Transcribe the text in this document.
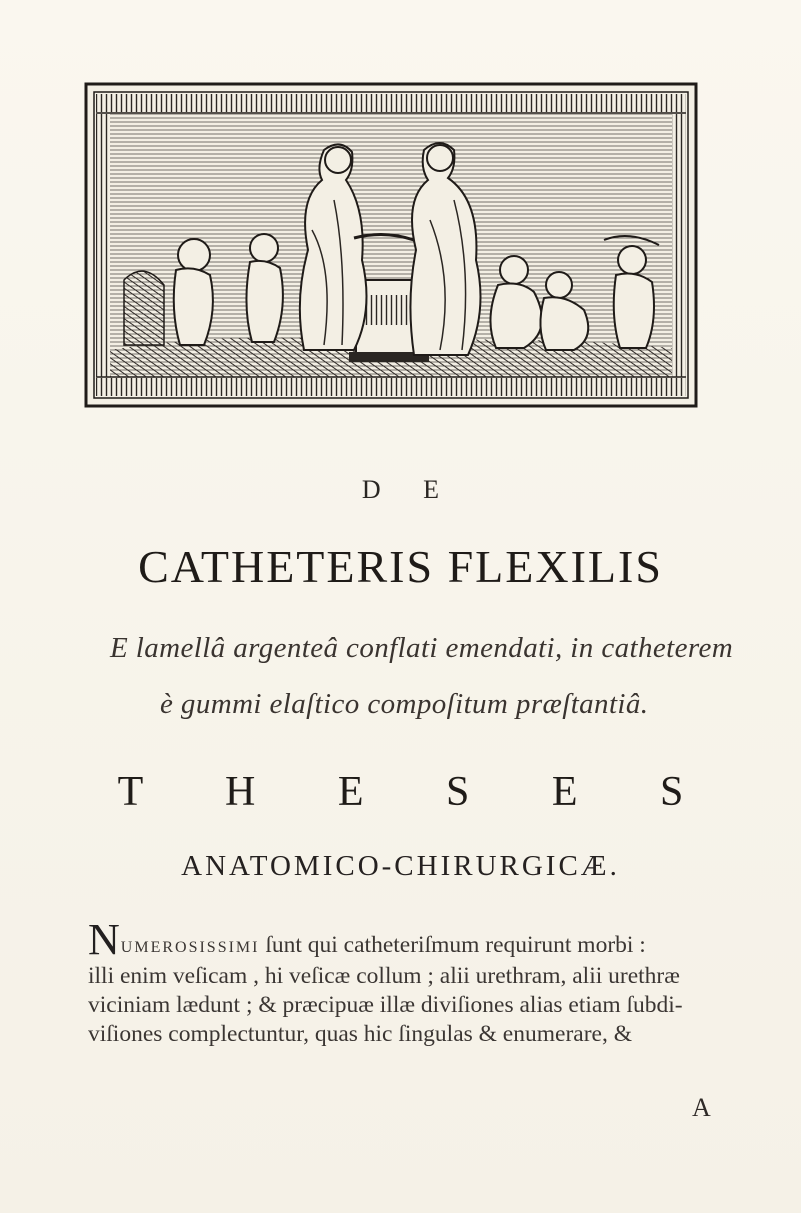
D E
CATHETERIS FLEXILIS
E lamellâ argenteâ conflati emendati, in catheterem
è gummi elaſtico compoſitum præſtantiâ.
T H E S E S
ANATOMICO-CHIRURGICÆ.
NUMEROSISSIMI ſunt qui catheteriſmum requirunt morbi :
illi enim veſicam , hi veſicæ collum ; alii urethram, alii urethræ
viciniam lædunt ; & præcipuæ illæ diviſiones alias etiam ſubdi-
viſiones complectuntur, quas hic ſingulas & enumerare, &
A
